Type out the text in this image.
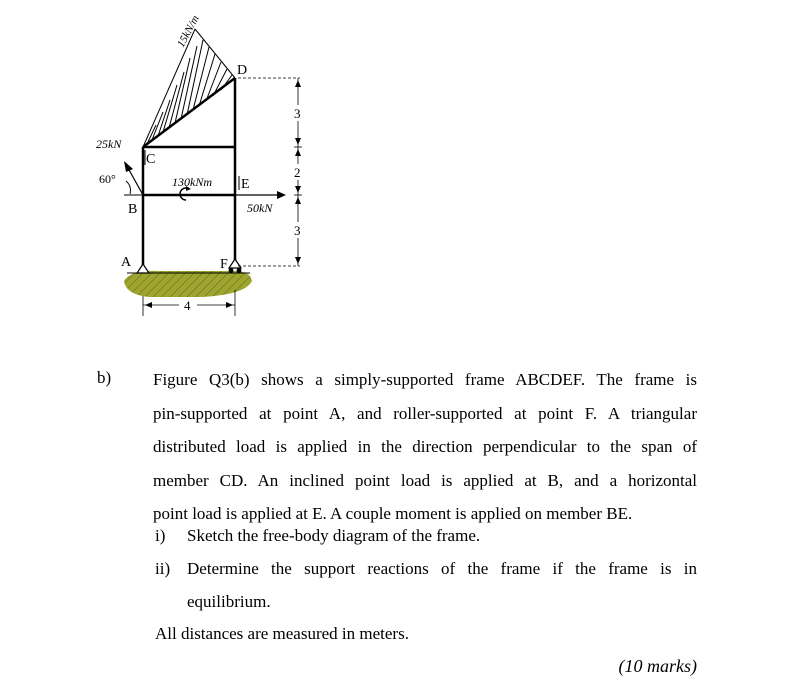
15kN/m
25kN
60°	130kNm
50kN
A
B
C
D
E
F
3
2
3
4
b) Figure Q3(b) shows a simply-supported frame ABCDEF. The frame is
pin-supported at point A, and roller-supported at point F. A triangular
distributed load is applied in the direction perpendicular to the span of
member CD. An inclined point load is applied at B, and a horizontal
point load is applied at E. A couple moment is applied on member BE.
i) Sketch the free-body diagram of the frame.
ii) Determine the support reactions of the frame if the frame is in
equilibrium.
All distances are measured in meters.
(10 marks)
